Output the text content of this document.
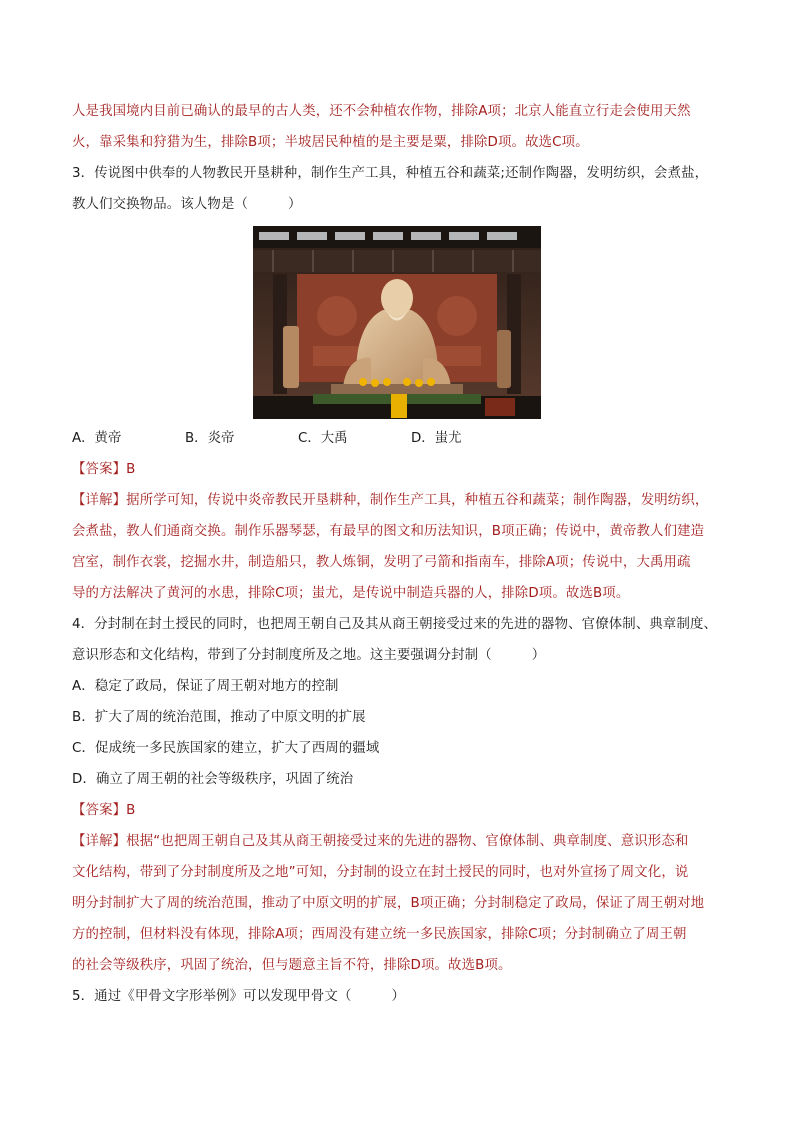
人是我国境内目前已确认的最早的古人类，还不会种植农作物，排除A项；北京人能直立行走会使用天然

火，靠采集和狩猎为生，排除B项；半坡居民种植的是主要是粟，排除D项。故选C项。

3．传说图中供奉的人物教民开垦耕种，制作生产工具，种植五谷和蔬菜;还制作陶器，发明纺织，会煮盐，

教人们交换物品。该人物是（	）

A．黄帝	B．炎帝	C．大禹	D．蚩尤

【答案】B

【详解】据所学可知，传说中炎帝教民开垦耕种，制作生产工具，种植五谷和蔬菜；制作陶器，发明纺织，

会煮盐，教人们通商交换。制作乐器琴瑟，有最早的图文和历法知识，B项正确；传说中，黄帝教人们建造

宫室，制作衣裳，挖掘水井，制造船只，教人炼铜，发明了弓箭和指南车，排除A项；传说中，大禹用疏

导的方法解决了黄河的水患，排除C项；蚩尤，是传说中制造兵器的人，排除D项。故选B项。

4．分封制在封土授民的同时，也把周王朝自己及其从商王朝接受过来的先进的器物、官僚体制、典章制度、

意识形态和文化结构，带到了分封制度所及之地。这主要强调分封制（	）

A．稳定了政局，保证了周王朝对地方的控制

B．扩大了周的统治范围，推动了中原文明的扩展

C．促成统一多民族国家的建立，扩大了西周的疆域

D．确立了周王朝的社会等级秩序，巩固了统治

【答案】B

【详解】根据“也把周王朝自己及其从商王朝接受过来的先进的器物、官僚体制、典章制度、意识形态和

文化结构，带到了分封制度所及之地”可知，分封制的设立在封土授民的同时，也对外宣扬了周文化，说

明分封制扩大了周的统治范围，推动了中原文明的扩展，B项正确；分封制稳定了政局，保证了周王朝对地

方的控制，但材料没有体现，排除A项；西周没有建立统一多民族国家，排除C项；分封制确立了周王朝

的社会等级秩序，巩固了统治，但与题意主旨不符，排除D项。故选B项。

5．通过《甲骨文字形举例》可以发现甲骨文（	）
